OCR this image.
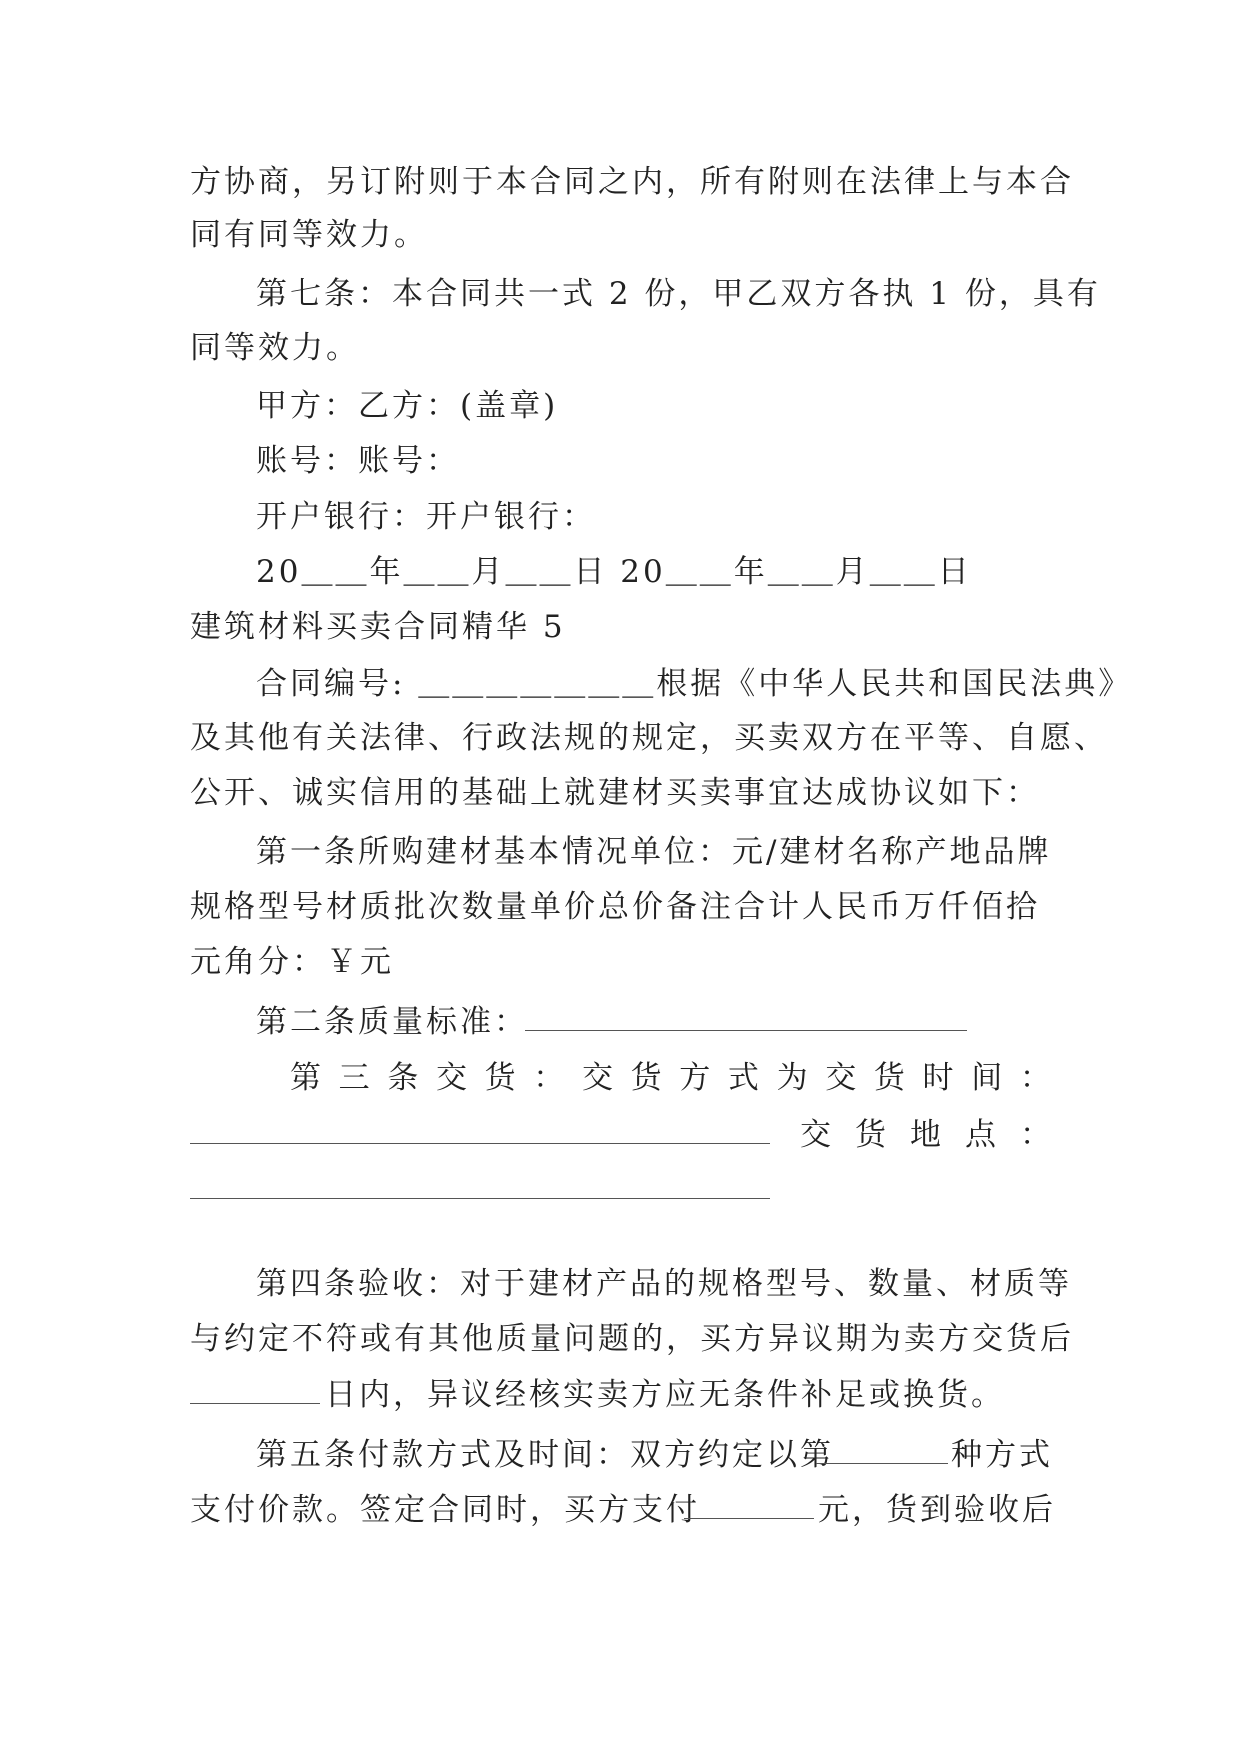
方协商，另订附则于本合同之内，所有附则在法律上与本合
同有同等效力。
第七条：本合同共一式 2 份，甲乙双方各执 1 份，具有
同等效力。
甲方：乙方：(盖章)
账号：账号：
开户银行：开户银行：
20＿＿年＿＿月＿＿日 20＿＿年＿＿月＿＿日
建筑材料买卖合同精华 5
合同编号: ＿＿＿＿＿＿＿根据《中华人民共和国民法典》
及其他有关法律、行政法规的规定，买卖双方在平等、自愿、
公开、诚实信用的基础上就建材买卖事宜达成协议如下：
第一条所购建材基本情况单位：元/建材名称产地品牌
规格型号材质批次数量单价总价备注合计人民币万仟佰拾
元角分：￥元
第二条质量标准：
第 三 条 交 货 ： 交 货 方 式 为 交 货 时 间 ：
交 货 地 点 ：
第四条验收：对于建材产品的规格型号、数量、材质等
与约定不符或有其他质量问题的，买方异议期为卖方交货后
日内，异议经核实卖方应无条件补足或换货。
第五条付款方式及时间：双方约定以第	种方式
支付价款。签定合同时，买方支付	元，货到验收后
